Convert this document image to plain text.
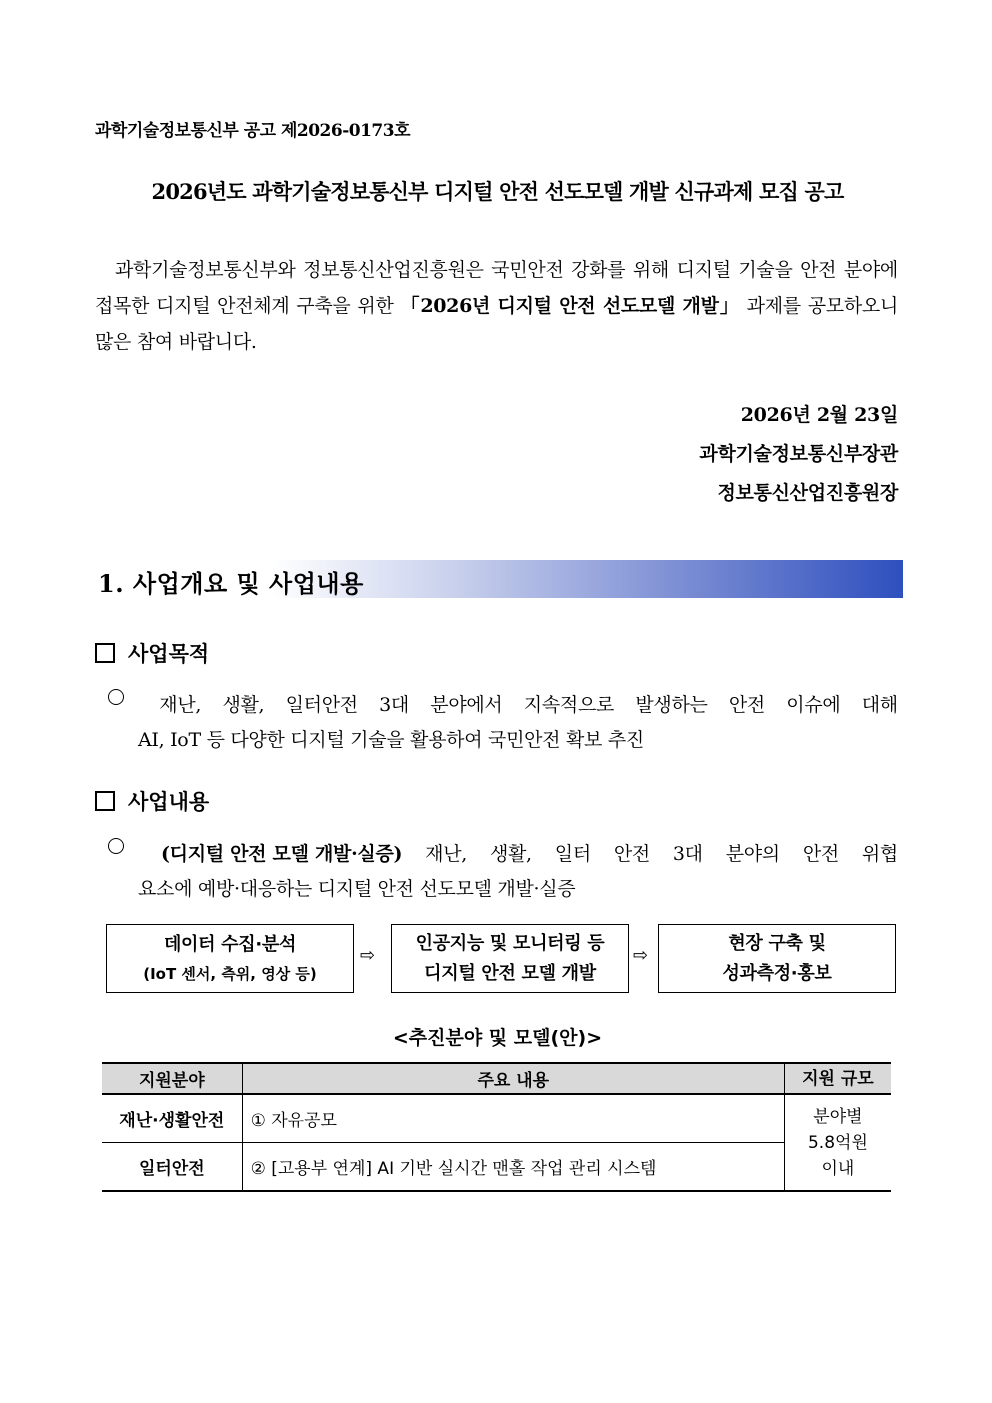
과학기술정보통신부 공고 제2026-0173호
2026년도 과학기술정보통신부 디지털 안전 선도모델 개발 신규과제 모집 공고

과학기술정보통신부와 정보통신산업진흥원은 국민안전 강화를 위해 디지털 기술을 안전 분야에 접목한 디지털 안전체계 구축을 위한 「2026년 디지털 안전 선도모델 개발」 과제를 공모하오니 많은 참여 바랍니다.

2026년 2월 23일
과학기술정보통신부장관
정보통신산업진흥원장
1. 사업개요 및 사업내용
사업목적
재난, 생활, 일터안전 3대 분야에서 지속적으로 발생하는 안전 이슈에 대해
AI, IoT 등 다양한 디지털 기술을 활용하여 국민안전 확보 추진
사업내용
(디지털 안전 모델 개발·실증) 재난, 생활, 일터 안전 3대 분야의 안전 위협
요소에 예방·대응하는 디지털 안전 선도모델 개발·실증
데이터 수집·분석
(IoT 센서, 측위, 영상 등)
⇨
인공지능 및 모니터링 등
디지털 안전 모델 개발
⇨
현장 구축 및
성과측정·홍보
<추진분야 및 모델(안)>
지원분야	주요 내용	지원 규모
재난·생활안전	① 자유공모	분야별
5.8억원
이내

일터안전	② [고용부 연계] AI 기반 실시간 맨홀 작업 관리 시스템	
